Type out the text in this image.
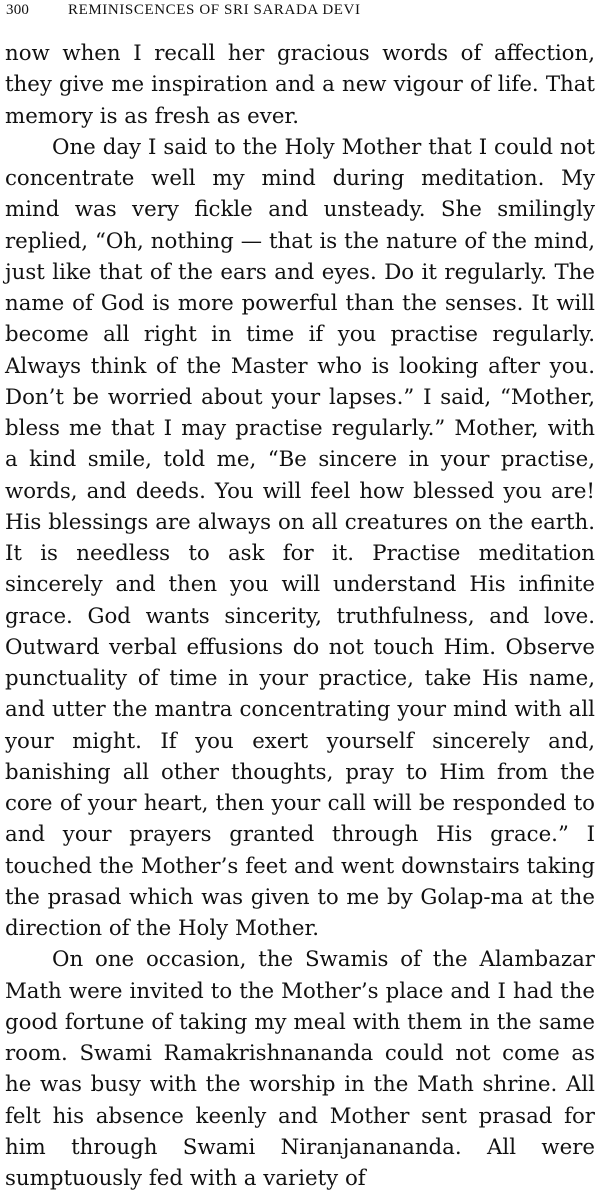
300	REMINISCENCES OF SRI SARADA DEVI

now when I recall her gracious words of affection, they give me inspiration and a new vigour of life. That memory is as fresh as ever.

One day I said to the Holy Mother that I could not concentrate well my mind during meditation. My mind was very fickle and unsteady. She smilingly replied, “Oh, nothing — that is the nature of the mind, just like that of the ears and eyes. Do it regularly. The name of God is more powerful than the senses. It will become all right in time if you practise regularly. Always think of the Master who is looking after you. Don’t be worried about your lapses.” I said, “Mother, bless me that I may practise regularly.” Mother, with a kind smile, told me, “Be sincere in your practise, words, and deeds. You will feel how blessed you are! His blessings are always on all creatures on the earth. It is needless to ask for it. Practise meditation sincerely and then you will understand His infinite grace. God wants sincerity, truthfulness, and love. Outward verbal effusions do not touch Him. Observe punctuality of time in your practice, take His name, and utter the mantra concentrating your mind with all your might. If you exert yourself sincerely and, banishing all other thoughts, pray to Him from the core of your heart, then your call will be responded to and your prayers granted through His grace.” I touched the Mother’s feet and went downstairs taking the prasad which was given to me by Golap-ma at the direction of the Holy Mother.

On one occasion, the Swamis of the Alambazar Math were invited to the Mother’s place and I had the good fortune of taking my meal with them in the same room. Swami Ramakrishnananda could not come as he was busy with the worship in the Math shrine. All felt his absence keenly and Mother sent prasad for him through Swami Niranjanananda. All were sumptuously fed with a variety of
